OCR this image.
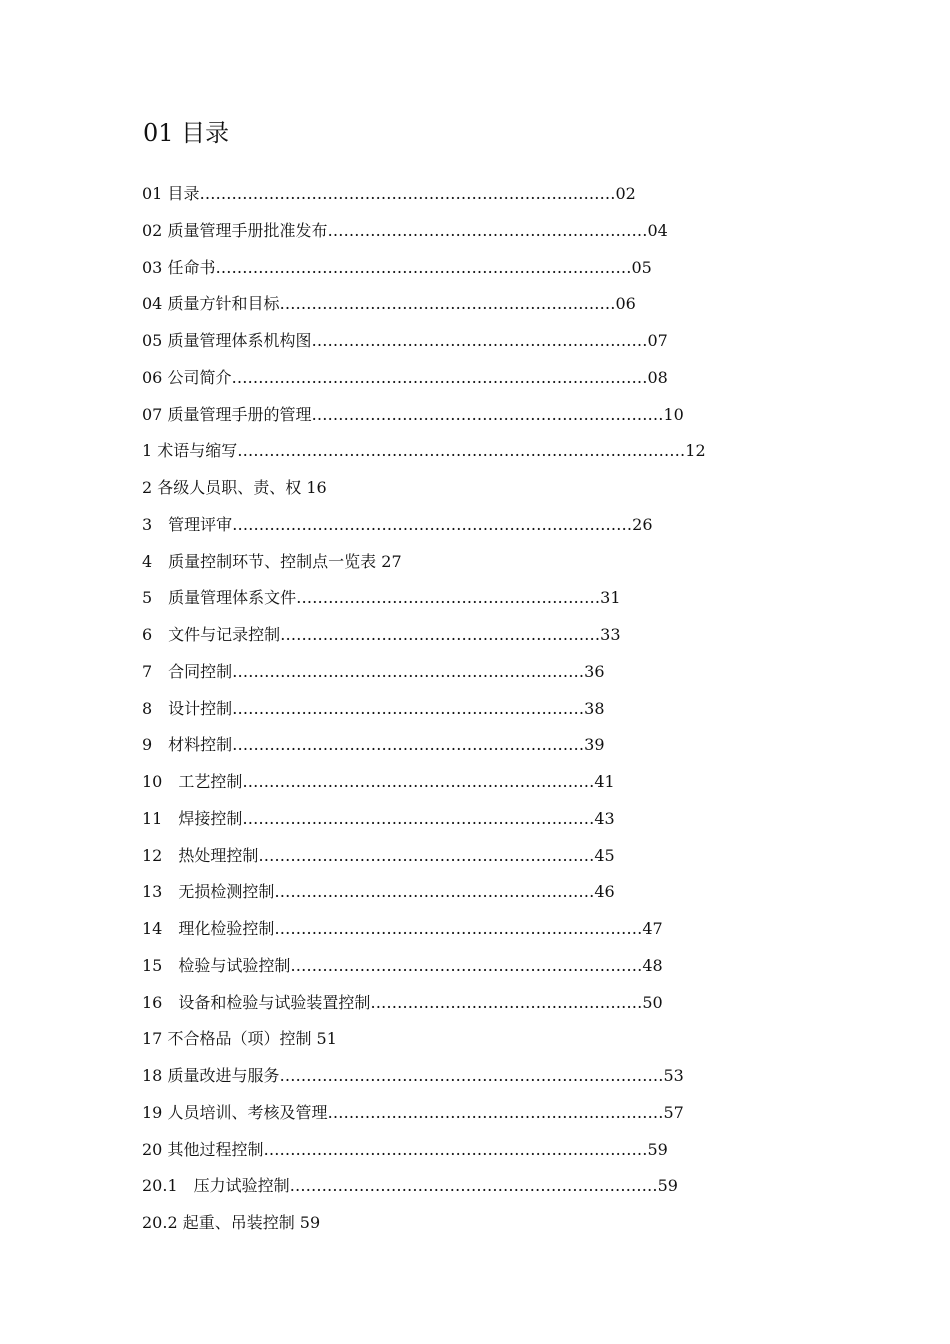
01 目录
01 目录……………………………………………………………………02
02 质量管理手册批准发布……………………………………………………04
03 任命书……………………………………………………………………05
04 质量方针和目标………………………………………………………06
05 质量管理体系机构图………………………………………………………07
06 公司简介……………………………………………………………………08
07 质量管理手册的管理…………………………………………………………10
1 术语与缩写…………………………………………………………………………12
2 各级人员职、责、权 16
3　管理评审…………………………………………………………………26
4　质量控制环节、控制点一览表 27
5　质量管理体系文件…………………………………………………31
6　文件与记录控制……………………………………………………33
7　合同控制…………………………………………………………36
8　设计控制…………………………………………………………38
9　材料控制…………………………………………………………39
10　工艺控制…………………………………………………………41
11　焊接控制…………………………………………………………43
12　热处理控制………………………………………………………45
13　无损检测控制……………………………………………………46
14　理化检验控制……………………………………………………………47
15　检验与试验控制…………………………………………………………48
16　设备和检验与试验装置控制……………………………………………50
17 不合格品（项）控制 51
18 质量改进与服务………………………………………………………………53
19 人员培训、考核及管理………………………………………………………57
20 其他过程控制………………………………………………………………59
20.1　压力试验控制……………………………………………………………59
20.2 起重、吊装控制 59
